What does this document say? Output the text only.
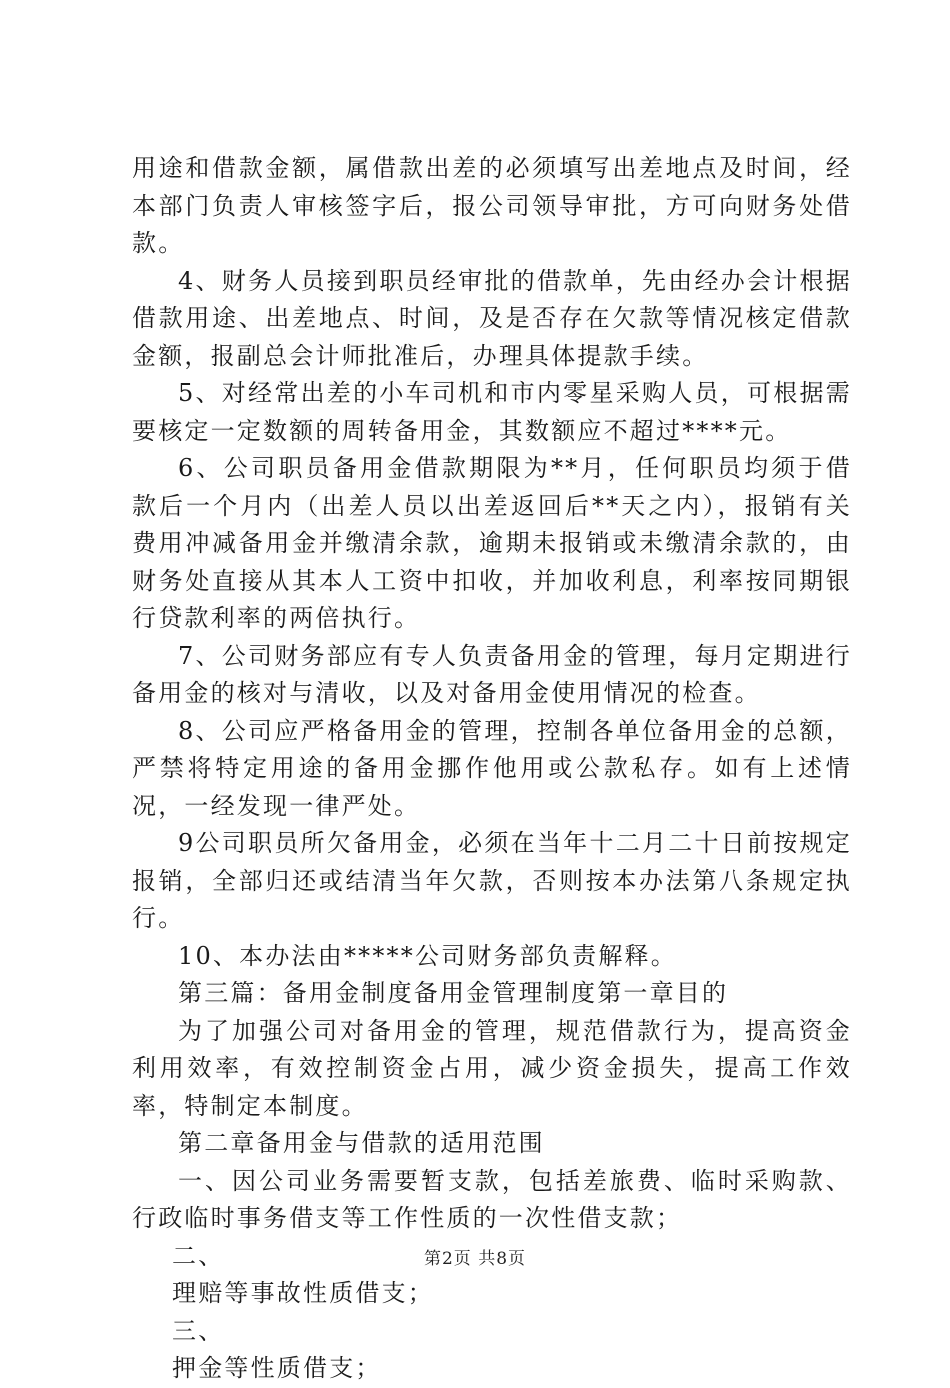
用途和借款金额，属借款出差的必须填写出差地点及时间，经本部门负责人审核签字后，报公司领导审批，方可向财务处借款。

4、财务人员接到职员经审批的借款单，先由经办会计根据借款用途、出差地点、时间，及是否存在欠款等情况核定借款金额，报副总会计师批准后，办理具体提款手续。

5、对经常出差的小车司机和市内零星采购人员，可根据需要核定一定数额的周转备用金，其数额应不超过****元。

6、公司职员备用金借款期限为**月，任何职员均须于借款后一个月内（出差人员以出差返回后**天之内），报销有关费用冲减备用金并缴清余款，逾期未报销或未缴清余款的，由财务处直接从其本人工资中扣收，并加收利息，利率按同期银行贷款利率的两倍执行。

7、公司财务部应有专人负责备用金的管理，每月定期进行备用金的核对与清收，以及对备用金使用情况的检查。

8、公司应严格备用金的管理，控制各单位备用金的总额，严禁将特定用途的备用金挪作他用或公款私存。如有上述情况，一经发现一律严处。

9公司职员所欠备用金，必须在当年十二月二十日前按规定报销，全部归还或结清当年欠款，否则按本办法第八条规定执行。

10、本办法由*****公司财务部负责解释。

第三篇：备用金制度备用金管理制度第一章目的

为了加强公司对备用金的管理，规范借款行为，提高资金利用效率，有效控制资金占用，减少资金损失，提高工作效率，特制定本制度。

第二章备用金与借款的适用范围

一、因公司业务需要暂支款，包括差旅费、临时采购款、行政临时事务借支等工作性质的一次性借支款；

二、

理赔等事故性质借支；

三、

押金等性质借支；

第2页 共8页
